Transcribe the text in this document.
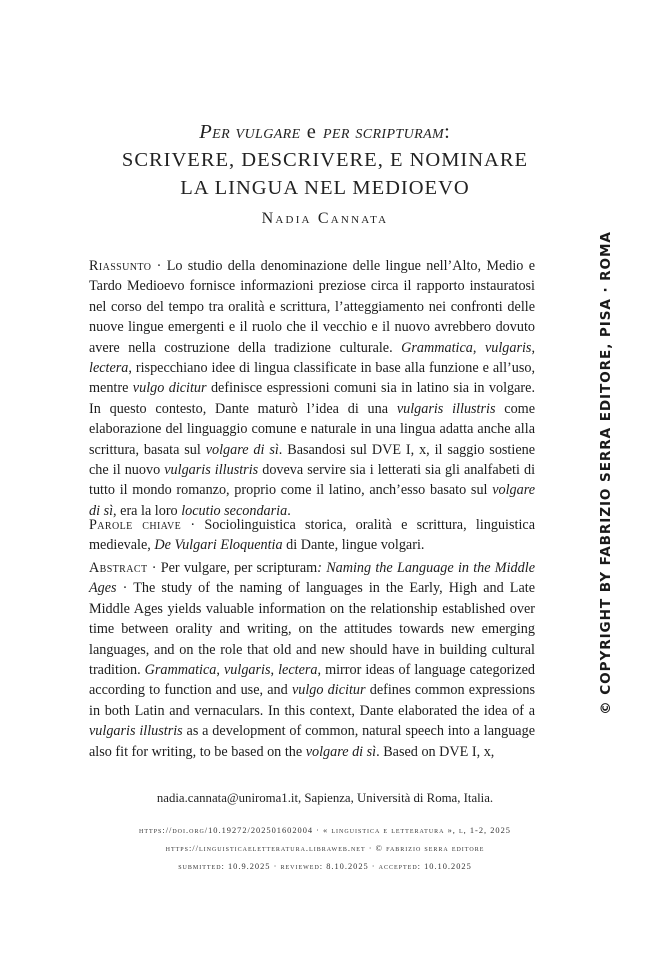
Per vulgare e per scripturam:
SCRIVERE, DESCRIVERE, E NOMINARE
LA LINGUA NEL MEDIOEVO
Nadia Cannata

Riassunto · Lo studio della denominazione delle lingue nell’Alto, Medio e Tardo Medioevo fornisce informazioni preziose circa il rapporto instauratosi nel corso del tempo tra oralità e scrittura, l’atteggiamento nei confronti delle nuove lingue emergenti e il ruolo che il vecchio e il nuovo avrebbero dovuto avere nella costruzione della tradizione culturale. Grammatica, vulgaris, lectera, rispecchiano idee di lingua classificate in base alla funzione e all’uso, mentre vulgo dicitur definisce espressioni comuni sia in latino sia in volgare. In questo contesto, Dante maturò l’idea di una vulgaris illustris come elaborazione del linguaggio comune e naturale in una lingua adatta anche alla scrittura, basata sul volgare di sì. Basandosi sul DVE I, x, il saggio sostiene che il nuovo vulgaris illustris doveva servire sia i letterati sia gli analfabeti di tutto il mondo romanzo, proprio come il latino, anch’esso basato sul volgare di sì, era la loro locutio secondaria.

Parole chiave · Sociolinguistica storica, oralità e scrittura, linguistica medievale, De Vulgari Eloquentia di Dante, lingue volgari.

Abstract · Per vulgare, per scripturam: Naming the Language in the Middle Ages · The study of the naming of languages in the Early, High and Late Middle Ages yields valuable information on the relationship established over time between orality and writing, on the attitudes towards new emerging languages, and on the role that old and new should have in building cultural tradition. Grammatica, vulgaris, lectera, mirror ideas of language categorized according to function and use, and vulgo dicitur defines common expressions in both Latin and vernaculars. In this context, Dante elaborated the idea of a vulgaris illustris as a development of common, natural speech into a language also fit for writing, to be based on the volgare di sì. Based on DVE I, x,

nadia.cannata@uniroma1.it, Sapienza, Università di Roma, Italia.
https://doi.org/10.19272/202501602004 · « linguistica e letteratura », l, 1-2, 2025
https://linguisticaeletteratura.libraweb.net · © fabrizio serra editore
submitted: 10.9.2025 · reviewed: 8.10.2025 · accepted: 10.10.2025
© COPYRIGHT BY FABRIZIO SERRA EDITORE, PISA · ROMA
